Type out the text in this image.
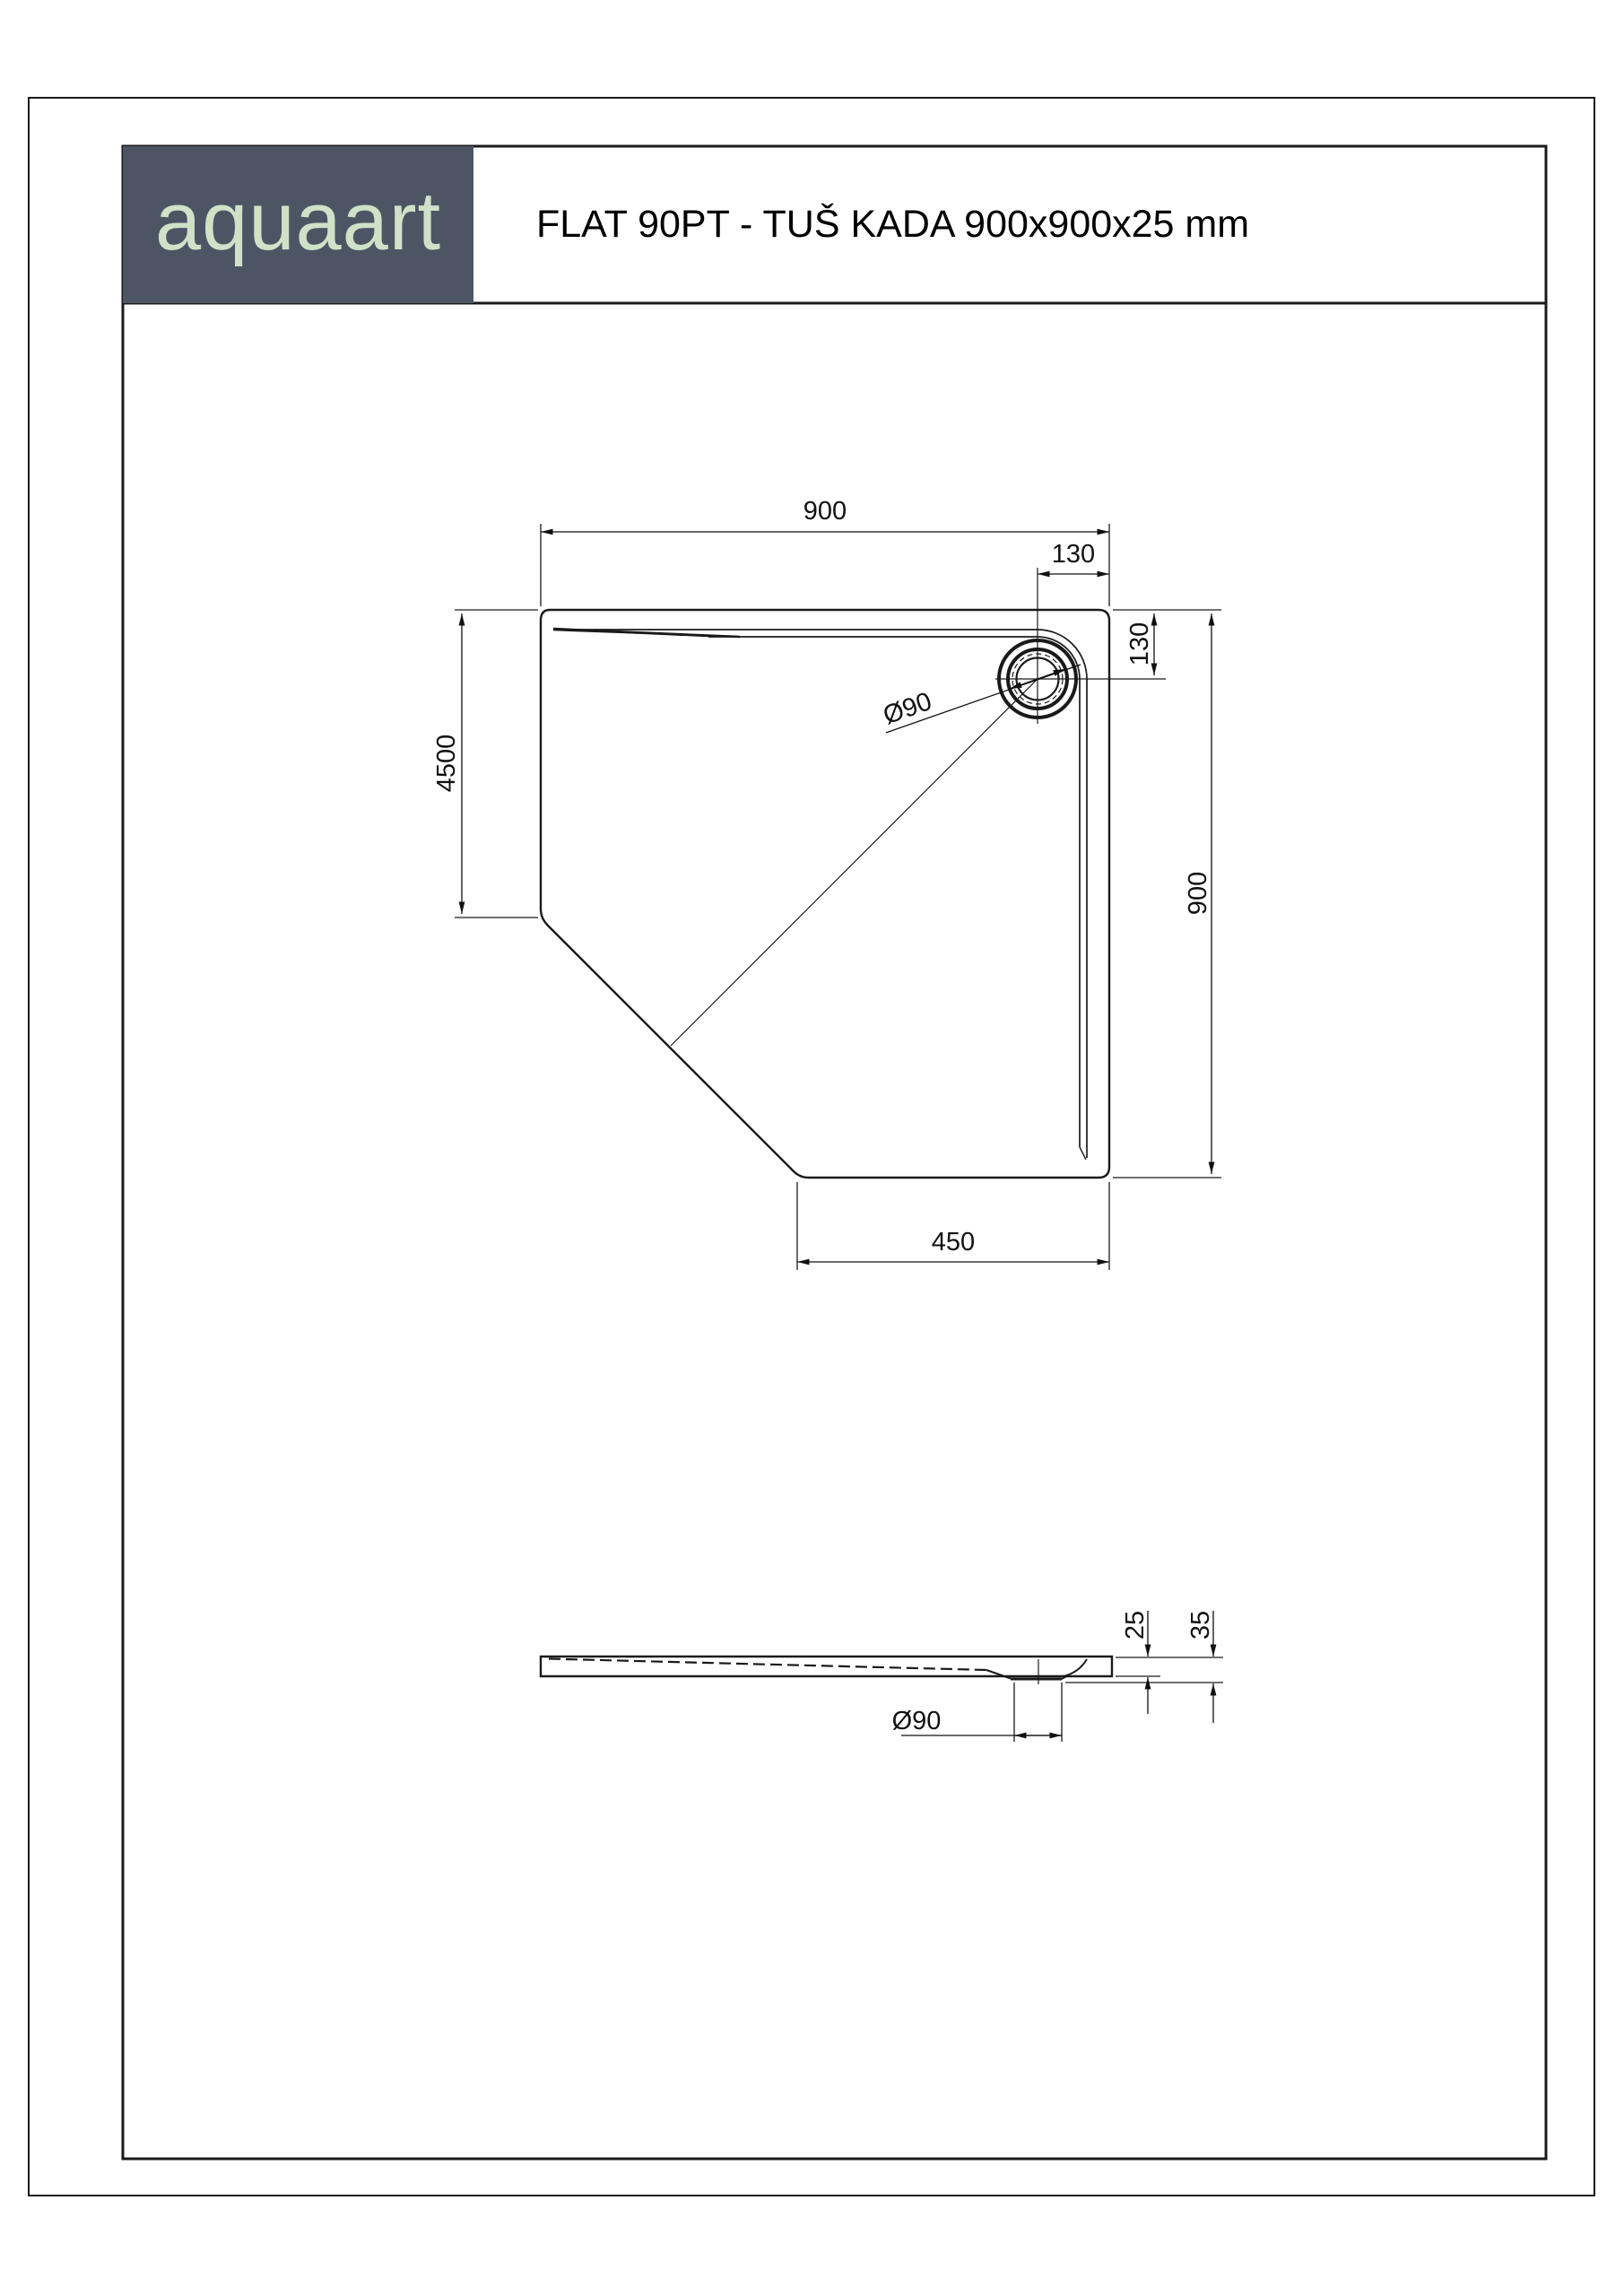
900
130
130
900
4500
450
Ø90
Ø90
25 35
aquaart FLAT 90PT - TUŠ KADA 900x900x25 mm
